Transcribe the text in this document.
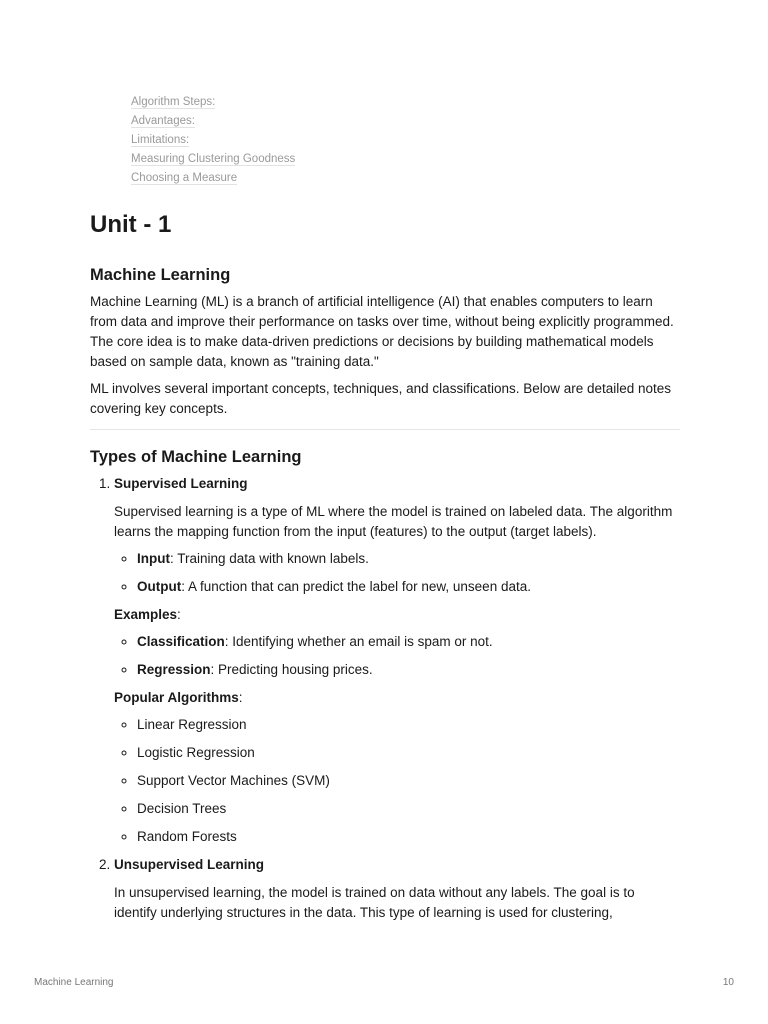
Algorithm Steps:
Advantages:
Limitations:
Measuring Clustering Goodness
Choosing a Measure
Unit - 1
Machine Learning

Machine Learning (ML) is a branch of artificial intelligence (AI) that enables computers to learn from data and improve their performance on tasks over time, without being explicitly programmed. The core idea is to make data-driven predictions or decisions by building mathematical models based on sample data, known as "training data."

ML involves several important concepts, techniques, and classifications. Below are detailed notes covering key concepts.

Types of Machine Learning
1. Supervised Learning

Supervised learning is a type of ML where the model is trained on labeled data. The algorithm learns the mapping function from the input (features) to the output (target labels).

◦ Input: Training data with known labels.
◦ Output: A function that can predict the label for new, unseen data.

Examples:

◦ Classification: Identifying whether an email is spam or not.
◦ Regression: Predicting housing prices.

Popular Algorithms:

◦ Linear Regression
◦ Logistic Regression
◦ Support Vector Machines (SVM)
◦ Decision Trees
◦ Random Forests
2. Unsupervised Learning

In unsupervised learning, the model is trained on data without any labels. The goal is to identify underlying structures in the data. This type of learning is used for clustering,

Machine Learning	10
